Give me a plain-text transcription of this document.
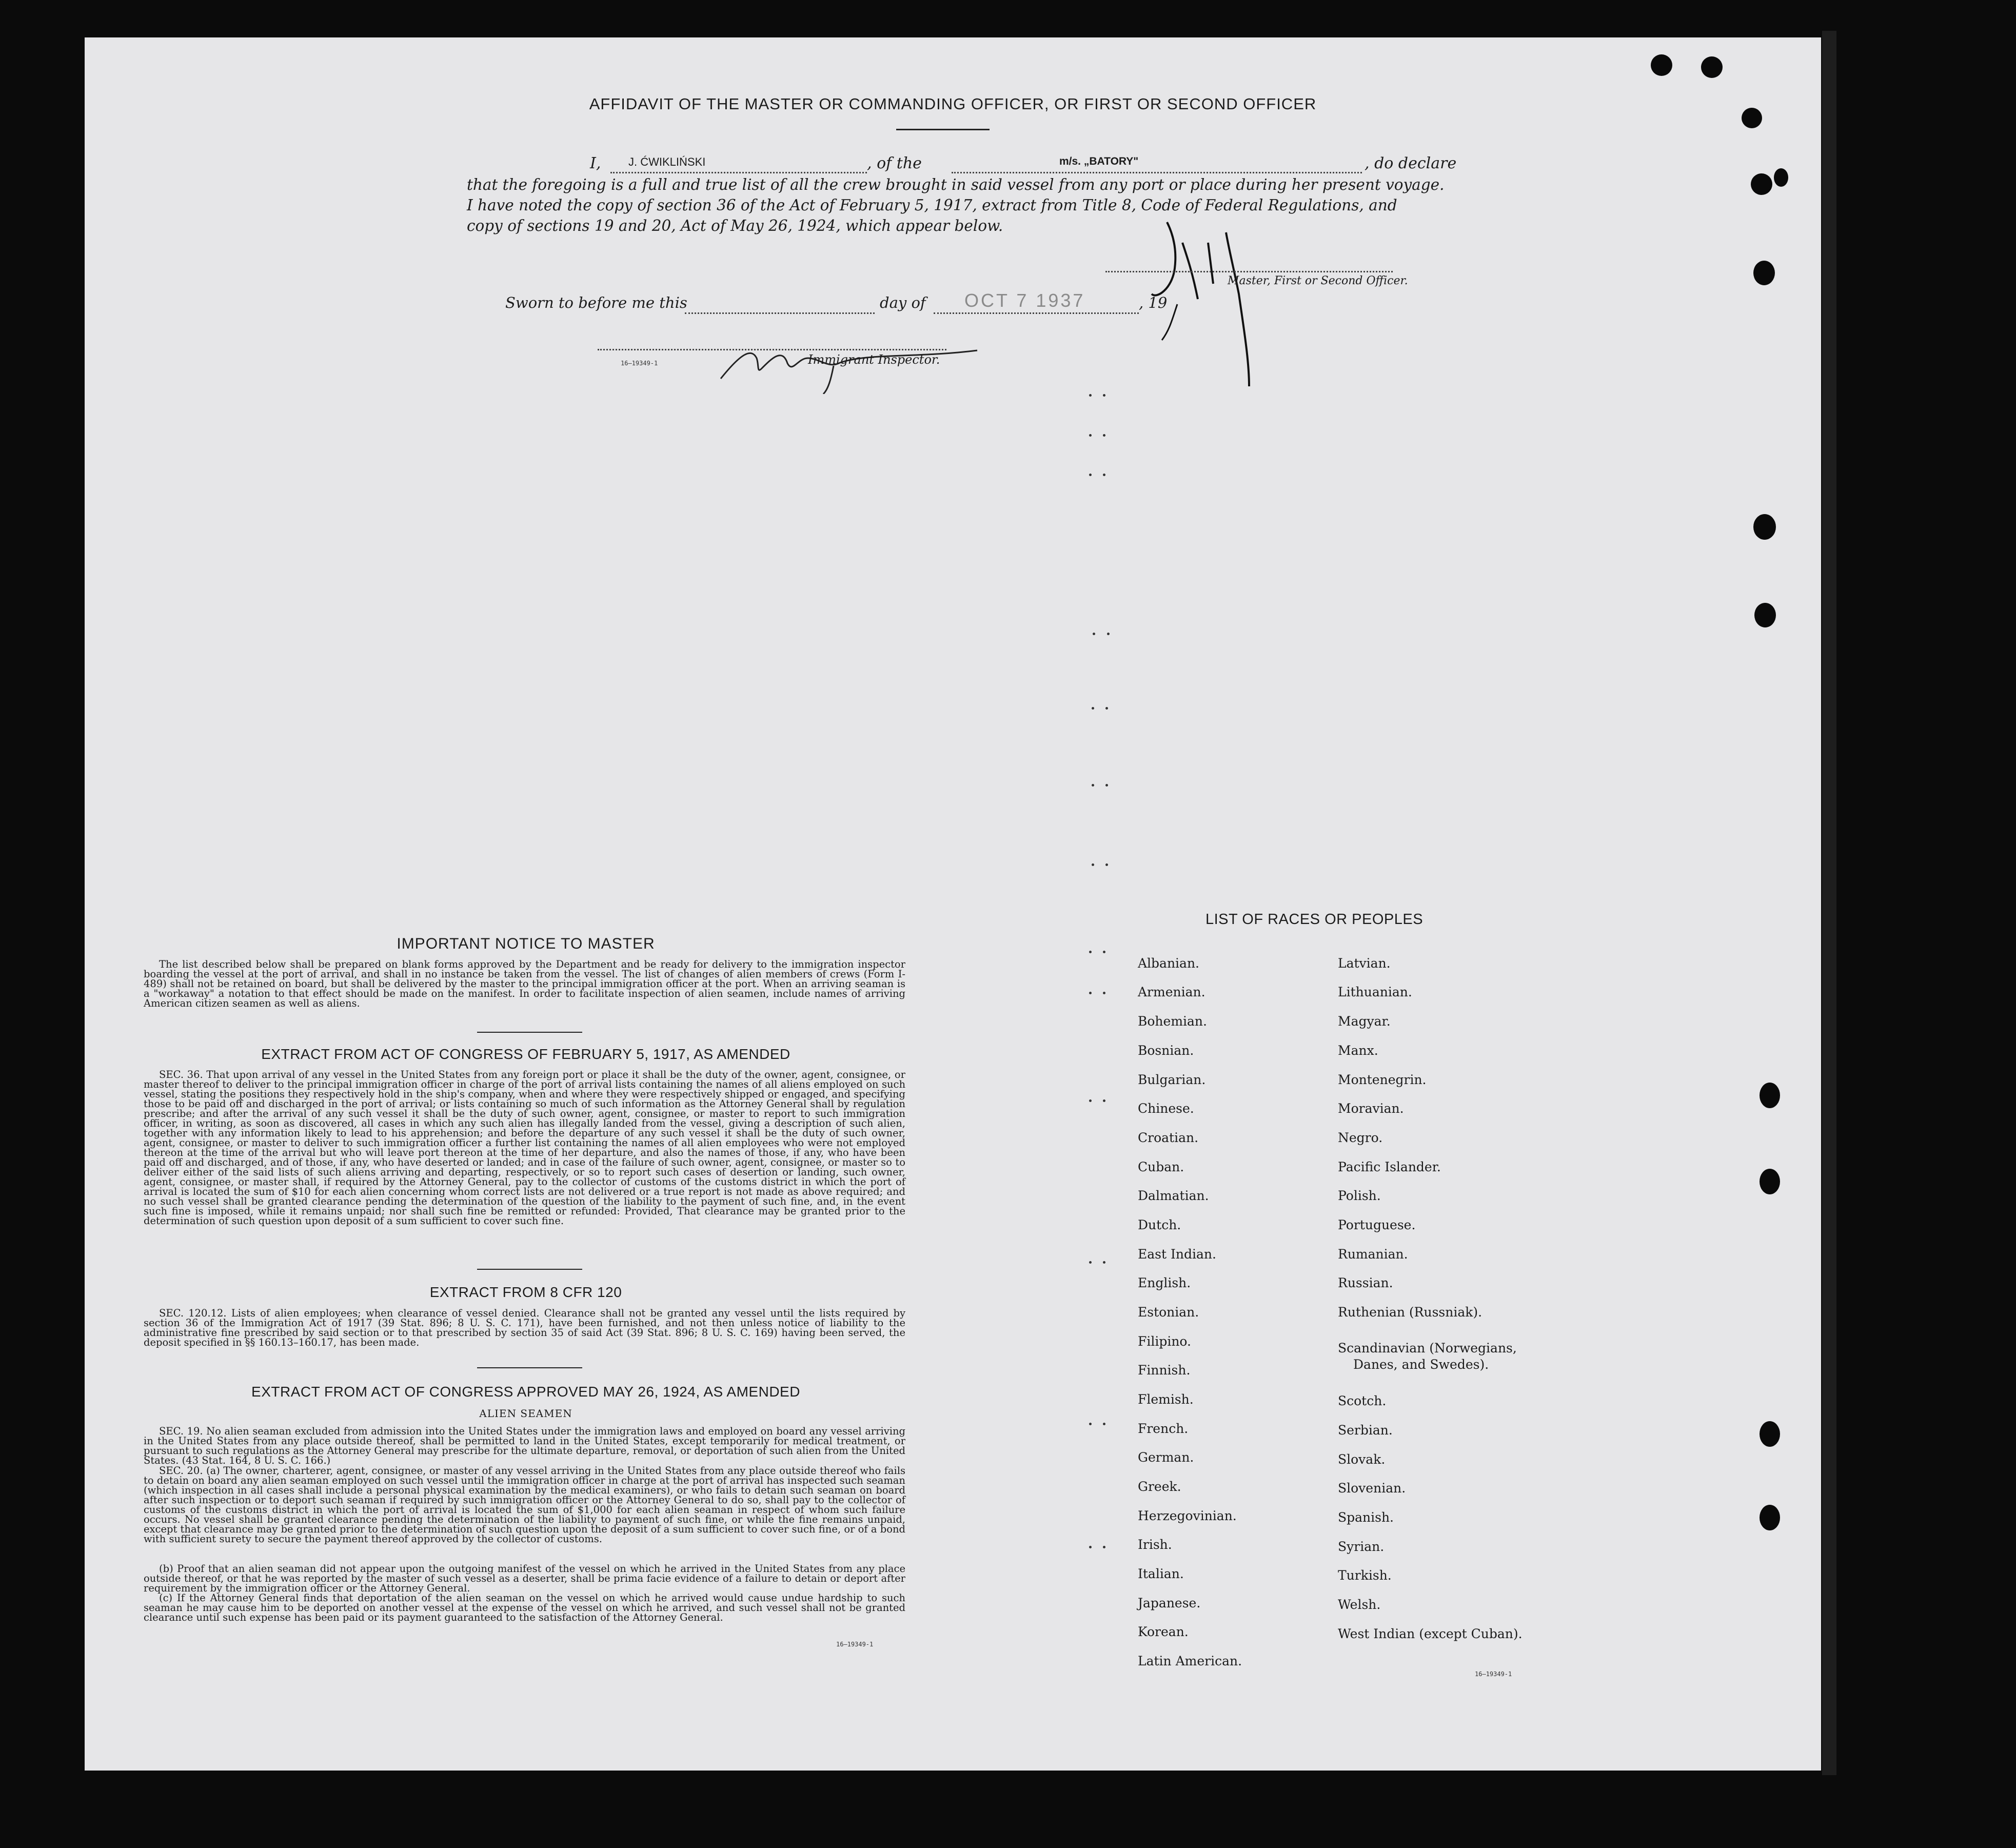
AFFIDAVIT OF THE MASTER OR COMMANDING OFFICER, OR FIRST OR SECOND OFFICER
I, J. ĆWIKLIŃSKI	, of the	m/s. „BATORY"	, do declare
that the foregoing is a full and true list of all the crew brought in said vessel from any port or place during her present voyage.
I have noted the copy of section 36 of the Act of February 5, 1917, extract from Title 8, Code of Federal Regulations, and
copy of sections 19 and 20, Act of May 26, 1924, which appear below.
Master, First or Second Officer.
Sworn to before me this	day of OCT 7 1937	, 19
16—19349-1	Immigrant Inspector.
IMPORTANT NOTICE TO MASTER
The list described below shall be prepared on blank forms approved by the Department and be ready for delivery to the immigration inspector boarding the vessel at the port of arrival, and shall in no instance be taken from the vessel. The list of changes of alien members of crews (Form I-489) shall not be retained on board, but shall be delivered by the master to the principal immigration officer at the port. When an arriving seaman is a "workaway" a notation to that effect should be made on the manifest. In order to facilitate inspection of alien seamen, include names of arriving American citizen seamen as well as aliens.
EXTRACT FROM ACT OF CONGRESS OF FEBRUARY 5, 1917, AS AMENDED
SEC. 36. That upon arrival of any vessel in the United States from any foreign port or place it shall be the duty of the owner, agent, consignee, or master thereof to deliver to the principal immigration officer in charge of the port of arrival lists containing the names of all aliens employed on such vessel, stating the positions they respectively hold in the ship's company, when and where they were respectively shipped or engaged, and specifying those to be paid off and discharged in the port of arrival; or lists containing so much of such information as the Attorney General shall by regulation prescribe; and after the arrival of any such vessel it shall be the duty of such owner, agent, consignee, or master to report to such immigration officer, in writing, as soon as discovered, all cases in which any such alien has illegally landed from the vessel, giving a description of such alien, together with any information likely to lead to his apprehension; and before the departure of any such vessel it shall be the duty of such owner, agent, consignee, or master to deliver to such immigration officer a further list containing the names of all alien employees who were not employed thereon at the time of the arrival but who will leave port thereon at the time of her departure, and also the names of those, if any, who have been paid off and discharged, and of those, if any, who have deserted or landed; and in case of the failure of such owner, agent, consignee, or master so to deliver either of the said lists of such aliens arriving and departing, respectively, or so to report such cases of desertion or landing, such owner, agent, consignee, or master shall, if required by the Attorney General, pay to the collector of customs of the customs district in which the port of arrival is located the sum of $10 for each alien concerning whom correct lists are not delivered or a true report is not made as above required; and no such vessel shall be granted clearance pending the determination of the question of the liability to the payment of such fine, and, in the event such fine is imposed, while it remains unpaid; nor shall such fine be remitted or refunded: Provided, That clearance may be granted prior to the determination of such question upon deposit of a sum sufficient to cover such fine.
EXTRACT FROM 8 CFR 120
SEC. 120.12. Lists of alien employees; when clearance of vessel denied. Clearance shall not be granted any vessel until the lists required by section 36 of the Immigration Act of 1917 (39 Stat. 896; 8 U. S. C. 171), have been furnished, and not then unless notice of liability to the administrative fine prescribed by said section or to that prescribed by section 35 of said Act (39 Stat. 896; 8 U. S. C. 169) having been served, the deposit specified in §§ 160.13–160.17, has been made.
EXTRACT FROM ACT OF CONGRESS APPROVED MAY 26, 1924, AS AMENDED
ALIEN SEAMEN
SEC. 19. No alien seaman excluded from admission into the United States under the immigration laws and employed on board any vessel arriving in the United States from any place outside thereof, shall be permitted to land in the United States, except temporarily for medical treatment, or pursuant to such regulations as the Attorney General may prescribe for the ultimate departure, removal, or deportation of such alien from the United States. (43 Stat. 164, 8 U. S. C. 166.)
SEC. 20. (a) The owner, charterer, agent, consignee, or master of any vessel arriving in the United States from any place outside thereof who fails to detain on board any alien seaman employed on such vessel until the immigration officer in charge at the port of arrival has inspected such seaman (which inspection in all cases shall include a personal physical examination by the medical examiners), or who fails to detain such seaman on board after such inspection or to deport such seaman if required by such immigration officer or the Attorney General to do so, shall pay to the collector of customs of the customs district in which the port of arrival is located the sum of $1,000 for each alien seaman in respect of whom such failure occurs. No vessel shall be granted clearance pending the determination of the liability to payment of such fine, or while the fine remains unpaid, except that clearance may be granted prior to the determination of such question upon the deposit of a sum sufficient to cover such fine, or of a bond with sufficient surety to secure the payment thereof approved by the collector of customs.
(b) Proof that an alien seaman did not appear upon the outgoing manifest of the vessel on which he arrived in the United States from any place outside thereof, or that he was reported by the master of such vessel as a deserter, shall be prima facie evidence of a failure to detain or deport after requirement by the immigration officer or the Attorney General.
(c) If the Attorney General finds that deportation of the alien seaman on the vessel on which he arrived would cause undue hardship to such seaman he may cause him to be deported on another vessel at the expense of the vessel on which he arrived, and such vessel shall not be granted clearance until such expense has been paid or its payment guaranteed to the satisfaction of the Attorney General.
16—19349-1
LIST OF RACES OR PEOPLES
Albanian.
Armenian.
Bohemian.
Bosnian.
Bulgarian.
Chinese.
Croatian.
Cuban.
Dalmatian.
Dutch.
East Indian.
English.
Estonian.
Filipino.
Finnish.
Flemish.
French.
German.
Greek.
Herzegovinian.
Irish.
Italian.
Japanese.
Korean.
Latin American.
Latvian.
Lithuanian.
Magyar.
Manx.
Montenegrin.
Moravian.
Negro.
Pacific Islander.
Polish.
Portuguese.
Rumanian.
Russian.
Ruthenian (Russniak).
Scandinavian (Norwegians,
Danes, and Swedes).
Scotch.
Serbian.
Slovak.
Slovenian.
Spanish.
Syrian.
Turkish.
Welsh.
West Indian (except Cuban).
16—19349-1
